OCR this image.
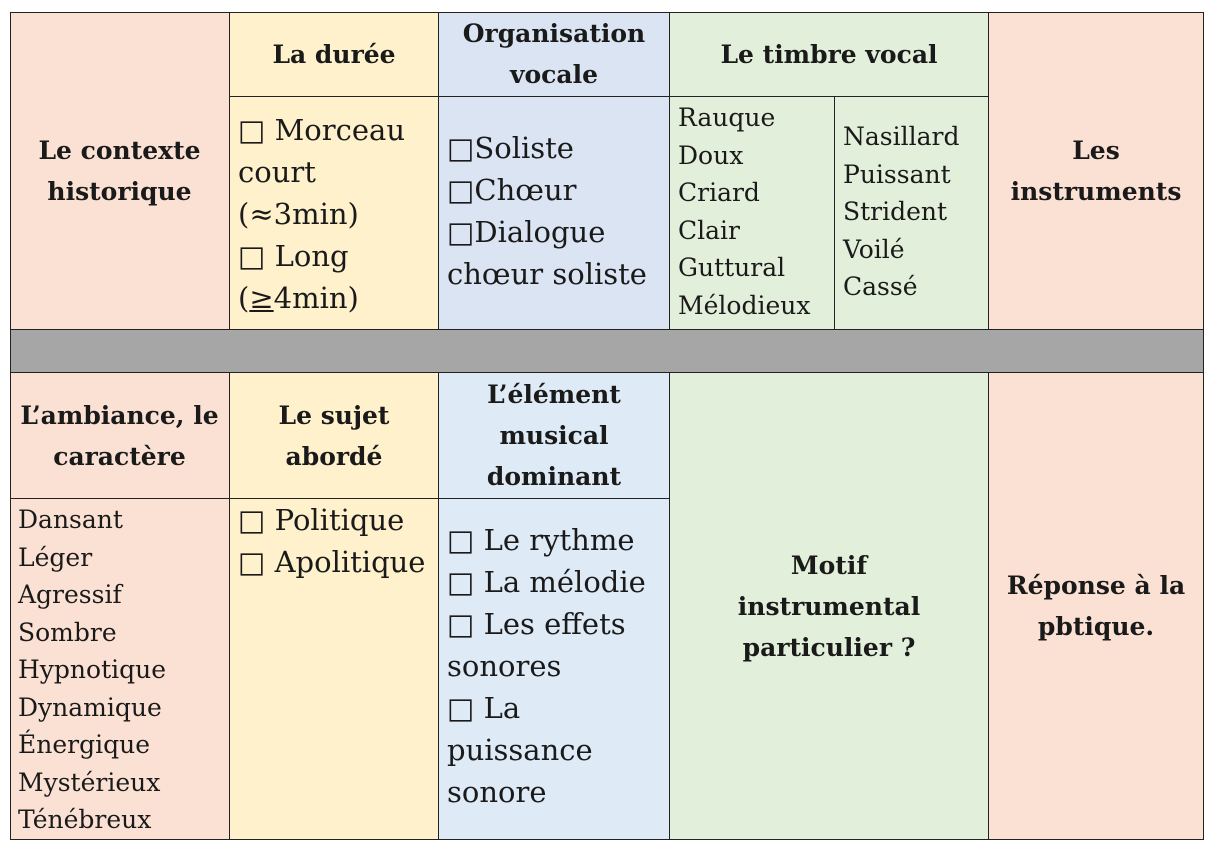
Le contexte historique
La durée
□ Morceau court (≈3min)
□ Long (≥4min)
Organisation vocale
□Soliste
□Chœur
□Dialogue chœur soliste
Le timbre vocal
Rauque
Doux
Criard
Clair
Guttural
Mélodieux
Nasillard
Puissant
Strident
Voilé
Cassé
Les instruments
L’ambiance, le caractère
Dansant
Léger
Agressif
Sombre
Hypnotique
Dynamique
Énergique
Mystérieux
Ténébreux
Le sujet abordé
□ Politique
□ Apolitique
L’élément musical dominant
□ Le rythme
□ La mélodie
□ Les effets sonores
□ La puissance sonore
Motif instrumental particulier ?
Réponse à la pbtique.
